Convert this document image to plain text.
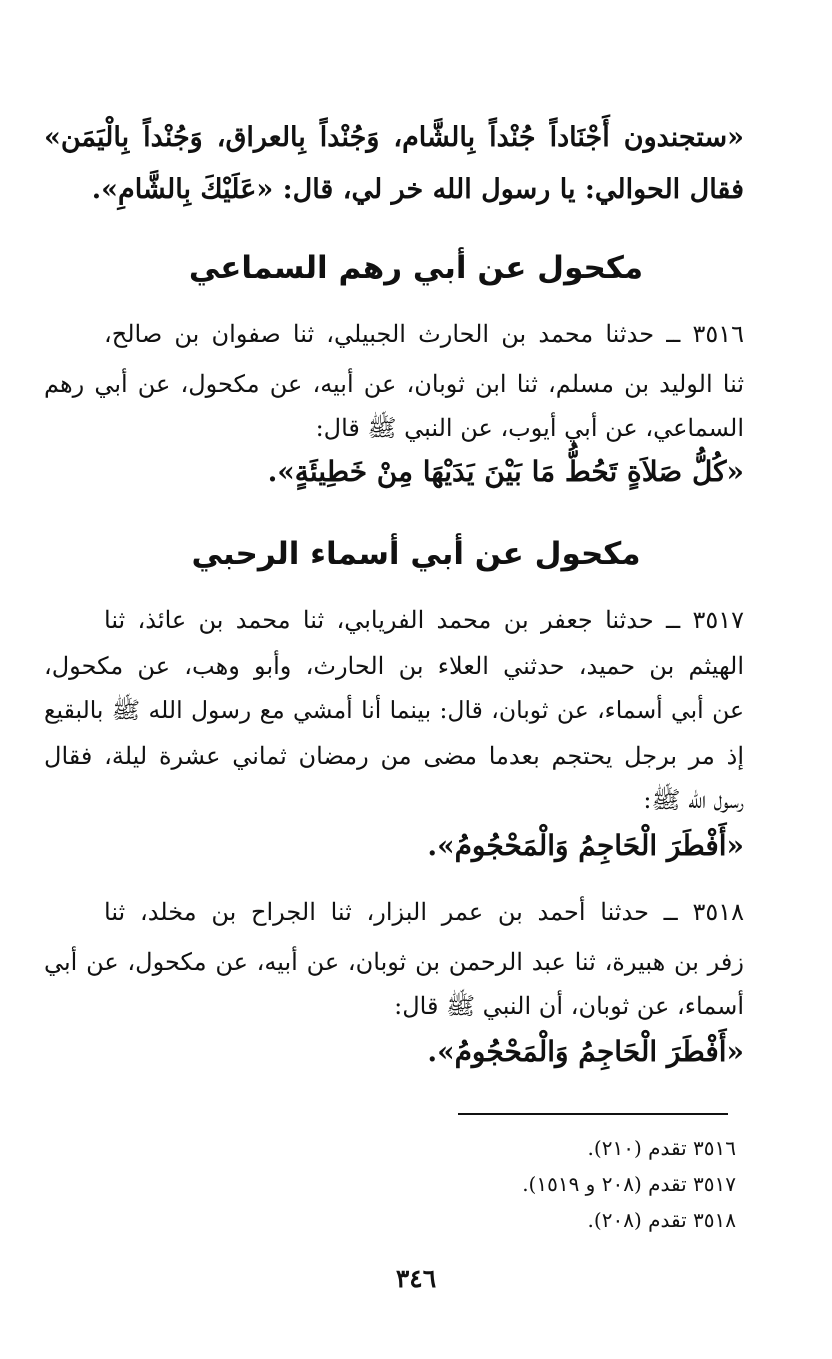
«ستجندون أَجْنَاداً جُنْداً بِالشَّام، وَجُنْداً بِالعراق، وَجُنْداً بِالْيَمَن»
فقال الحوالي: يا رسول الله خر لي، قال: «عَلَيْكَ بِالشَّامِ».
مكحول عن أبي رهم السماعي
٣٥١٦ ــ حدثنا محمد بن الحارث الجبيلي، ثنا صفوان بن صالح،
ثنا الوليد بن مسلم، ثنا ابن ثوبان، عن أبيه، عن مكحول، عن أبي رهم
السماعي، عن أبي أيوب، عن النبي ﷺ قال:
«كُلُّ صَلاَةٍ تَحُطُّ مَا بَيْنَ يَدَيْهَا مِنْ خَطِيئَةٍ».
مكحول عن أبي أسماء الرحبي
٣٥١٧ ــ حدثنا جعفر بن محمد الفريابي، ثنا محمد بن عائذ، ثنا
الهيثم بن حميد، حدثني العلاء بن الحارث، وأبو وهب، عن مكحول،
عن أبي أسماء، عن ثوبان، قال: بينما أنا أمشي مع رسول الله ﷺ بالبقيع
إذ مر برجل يحتجم بعدما مضى من رمضان ثماني عشرة ليلة، فقال
رسول الله ﷺ:
«أَفْطَرَ الْحَاجِمُ وَالْمَحْجُومُ».
٣٥١٨ ــ حدثنا أحمد بن عمر البزار، ثنا الجراح بن مخلد، ثنا
زفر بن هبيرة، ثنا عبد الرحمن بن ثوبان، عن أبيه، عن مكحول، عن أبي
أسماء، عن ثوبان، أن النبي ﷺ قال:
«أَفْطَرَ الْحَاجِمُ وَالْمَحْجُومُ».
٣٥١٦ تقدم (٢١٠).
٣٥١٧ تقدم (٢٠٨ و ١٥١٩).
٣٥١٨ تقدم (٢٠٨).
٣٤٦
